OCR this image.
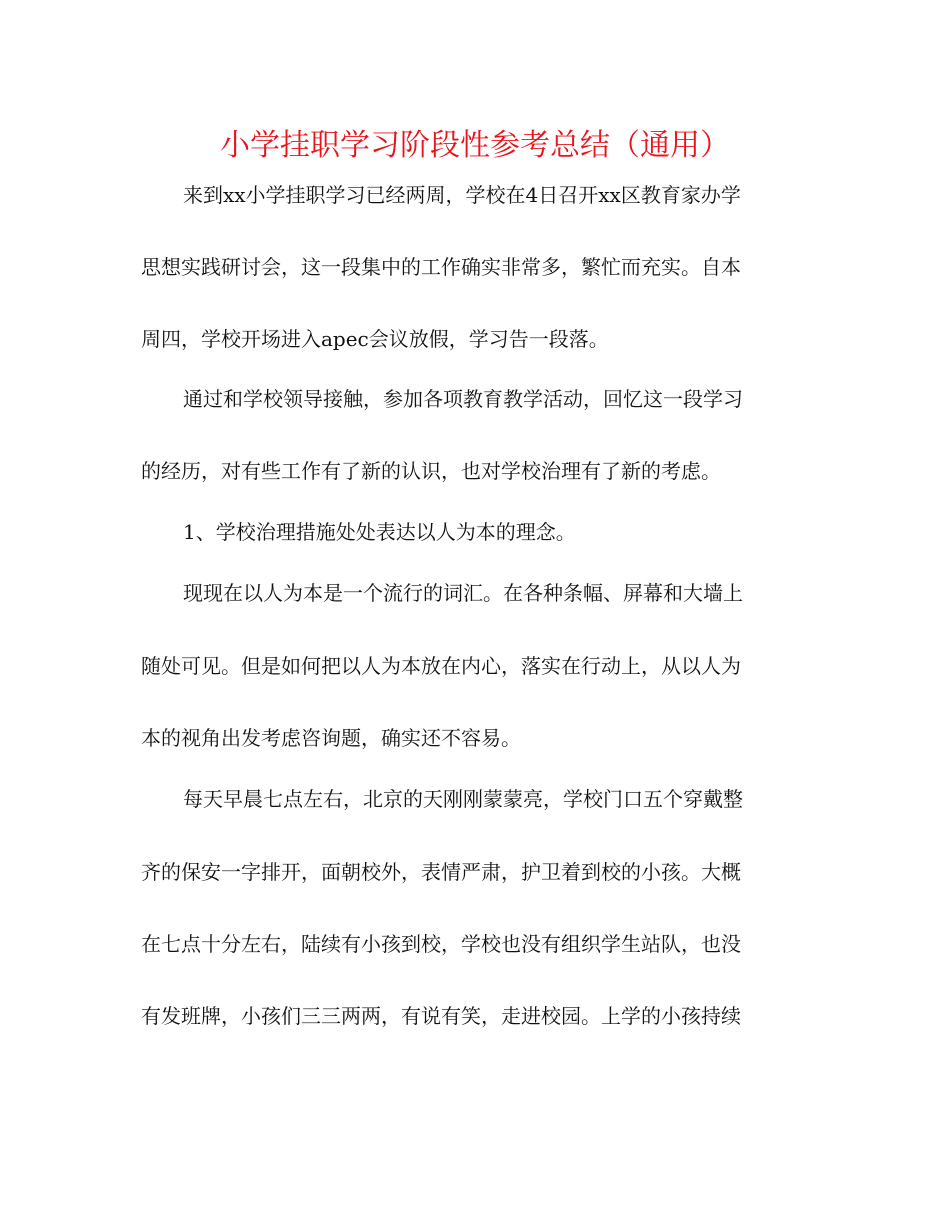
小学挂职学习阶段性参考总结（通用）

来到xx小学挂职学习已经两周，学校在4日召开xx区教育家办学

思想实践研讨会，这一段集中的工作确实非常多，繁忙而充实。自本

周四，学校开场进入apec会议放假，学习告一段落。

通过和学校领导接触，参加各项教育教学活动，回忆这一段学习

的经历，对有些工作有了新的认识，也对学校治理有了新的考虑。

1、学校治理措施处处表达以人为本的理念。

现现在以人为本是一个流行的词汇。在各种条幅、屏幕和大墙上

随处可见。但是如何把以人为本放在内心，落实在行动上，从以人为

本的视角出发考虑咨询题，确实还不容易。

每天早晨七点左右，北京的天刚刚蒙蒙亮，学校门口五个穿戴整

齐的保安一字排开，面朝校外，表情严肃，护卫着到校的小孩。大概

在七点十分左右，陆续有小孩到校，学校也没有组织学生站队，也没

有发班牌，小孩们三三两两，有说有笑，走进校园。上学的小孩持续
